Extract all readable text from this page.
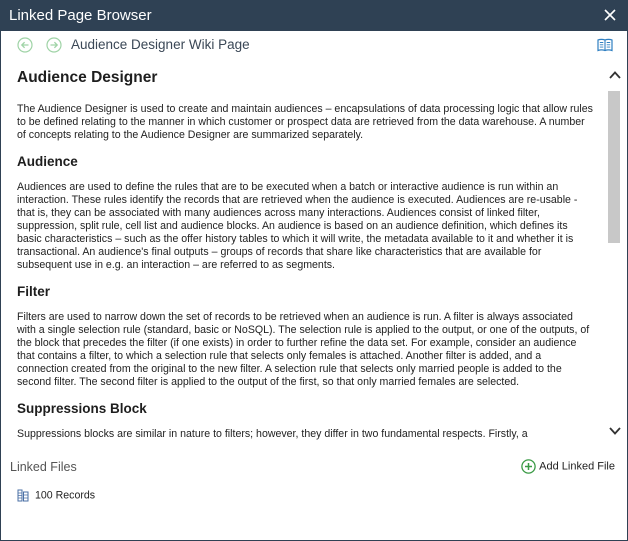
Linked Page Browser
Audience Designer Wiki Page
Audience Designer

The Audience Designer is used to create and maintain audiences – encapsulations of data processing logic that allow rules to be defined relating to the manner in which customer or prospect data are retrieved from the data warehouse. A number of concepts relating to the Audience Designer are summarized separately.

Audience

Audiences are used to define the rules that are to be executed when a batch or interactive audience is run within an interaction. These rules identify the records that are retrieved when the audience is executed. Audiences are re-usable - that is, they can be associated with many audiences across many interactions. Audiences consist of linked filter, suppression, split rule, cell list and audience blocks. An audience is based on an audience definition, which defines its basic characteristics – such as the offer history tables to which it will write, the metadata available to it and whether it is transactional. An audience's final outputs – groups of records that share like characteristics that are available for subsequent use in e.g. an interaction – are referred to as segments.

Filter

Filters are used to narrow down the set of records to be retrieved when an audience is run. A filter is always associated with a single selection rule (standard, basic or NoSQL). The selection rule is applied to the output, or one of the outputs, of the block that precedes the filter (if one exists) in order to further refine the data set. For example, consider an audience that contains a filter, to which a selection rule that selects only females is attached. Another filter is added, and a connection created from the original to the new filter. A selection rule that selects only married people is added to the second filter. The second filter is applied to the output of the first, so that only married females are selected.

Suppressions Block

Suppressions blocks are similar in nature to filters; however, they differ in two fundamental respects. Firstly, a

Linked Files	Add Linked File
100 Records
